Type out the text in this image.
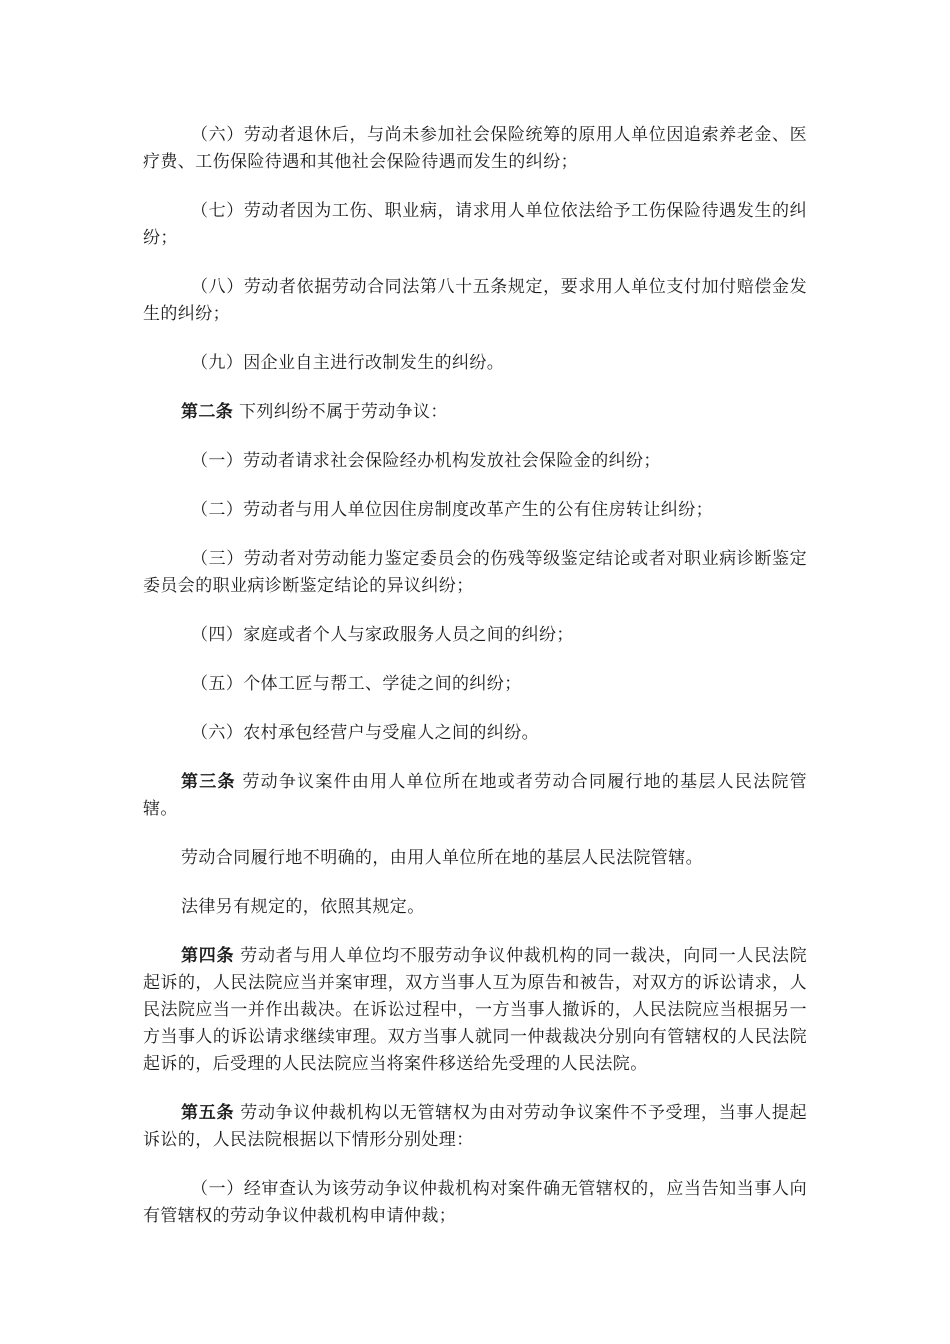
（六）劳动者退休后，与尚未参加社会保险统筹的原用人单位因追索养老金、医疗费、工伤保险待遇和其他社会保险待遇而发生的纠纷；

（七）劳动者因为工伤、职业病，请求用人单位依法给予工伤保险待遇发生的纠纷；

（八）劳动者依据劳动合同法第八十五条规定，要求用人单位支付加付赔偿金发生的纠纷；

（九）因企业自主进行改制发生的纠纷。

第二条 下列纠纷不属于劳动争议：

（一）劳动者请求社会保险经办机构发放社会保险金的纠纷；

（二）劳动者与用人单位因住房制度改革产生的公有住房转让纠纷；

（三）劳动者对劳动能力鉴定委员会的伤残等级鉴定结论或者对职业病诊断鉴定委员会的职业病诊断鉴定结论的异议纠纷；

（四）家庭或者个人与家政服务人员之间的纠纷；

（五）个体工匠与帮工、学徒之间的纠纷；

（六）农村承包经营户与受雇人之间的纠纷。

第三条 劳动争议案件由用人单位所在地或者劳动合同履行地的基层人民法院管辖。

劳动合同履行地不明确的，由用人单位所在地的基层人民法院管辖。

法律另有规定的，依照其规定。

第四条 劳动者与用人单位均不服劳动争议仲裁机构的同一裁决，向同一人民法院起诉的，人民法院应当并案审理，双方当事人互为原告和被告，对双方的诉讼请求，人民法院应当一并作出裁决。在诉讼过程中，一方当事人撤诉的，人民法院应当根据另一方当事人的诉讼请求继续审理。双方当事人就同一仲裁裁决分别向有管辖权的人民法院起诉的，后受理的人民法院应当将案件移送给先受理的人民法院。

第五条 劳动争议仲裁机构以无管辖权为由对劳动争议案件不予受理，当事人提起诉讼的，人民法院根据以下情形分别处理：

（一）经审查认为该劳动争议仲裁机构对案件确无管辖权的，应当告知当事人向有管辖权的劳动争议仲裁机构申请仲裁；
